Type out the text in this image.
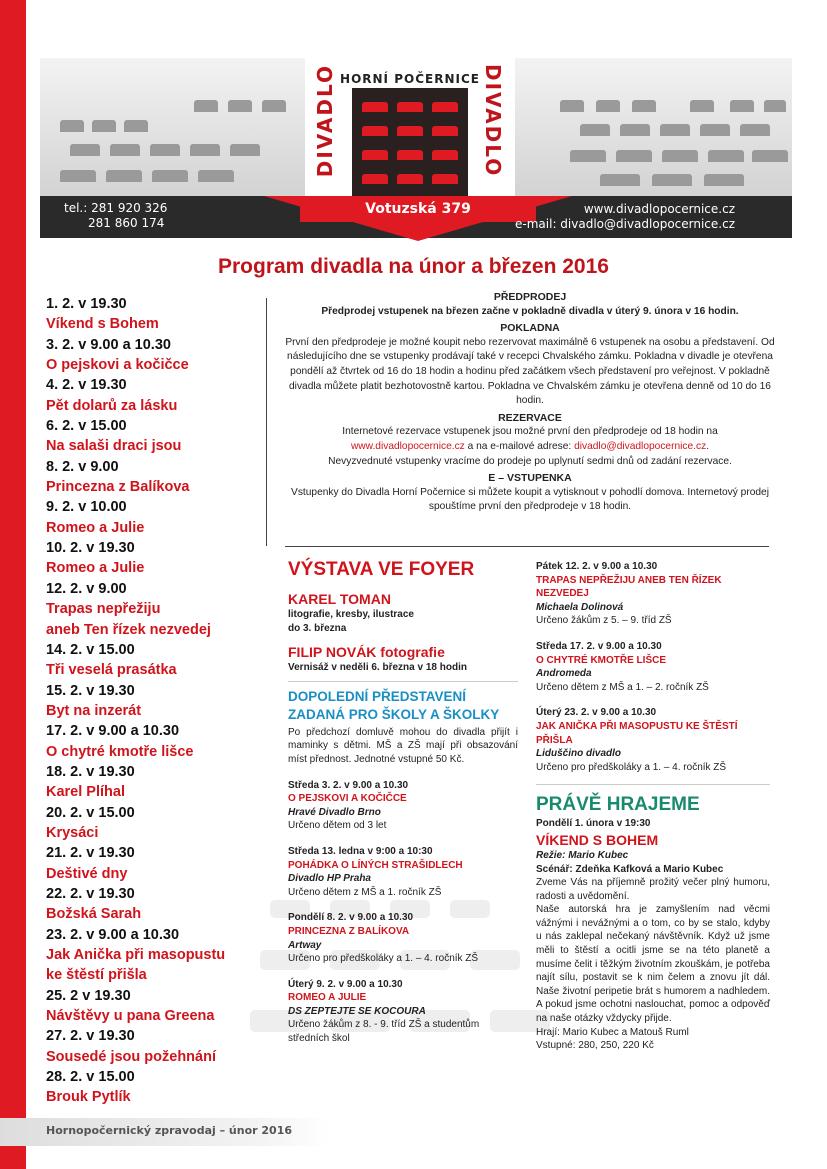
HORNÍ POČERNICE
DIVADLO	DIVADLO
Votuzská 379
tel.: 281 920 326
281 860 174
www.divadlopocernice.cz
e-mail: divadlo@divadlopocernice.cz
Program divadla na únor a březen 2016
1. 2. v 19.30
Víkend s Bohem
3. 2. v 9.00 a 10.30
O pejskovi a kočičce
4. 2. v 19.30
Pět dolarů za lásku
6. 2. v 15.00
Na salaši draci jsou
8. 2. v 9.00
Princezna z Balíkova
9. 2. v 10.00
Romeo a Julie
10. 2. v 19.30
Romeo a Julie
12. 2. v 9.00
Trapas nepřežiju
aneb Ten řízek nezvedej
14. 2. v 15.00
Tři veselá prasátka
15. 2. v 19.30
Byt na inzerát
17. 2. v 9.00 a 10.30
O chytré kmotře lišce
18. 2. v 19.30
Karel Plíhal
20. 2. v 15.00
Krysáci
21. 2. v 19.30
Deštivé dny
22. 2. v 19.30
Božská Sarah
23. 2. v 9.00 a 10.30
Jak Anička při masopustu
ke štěstí přišla
25. 2 v 19.30
Návštěvy u pana Greena
27. 2. v 19.30
Sousedé jsou požehnání
28. 2. v 15.00
Brouk Pytlík
PŘEDPRODEJ

Předprodej vstupenek na březen začne v pokladně divadla v úterý 9. února v 16 hodin.

POKLADNA

První den předprodeje je možné koupit nebo rezervovat maximálně 6 vstupenek na osobu a představení. Od následujícího dne se vstupenky prodávají také v recepci Chvalského zámku. Pokladna v divadle je otevřena pondělí až čtvrtek od 16 do 18 hodin a hodinu před začátkem všech představení pro veřejnost. V pokladně divadla můžete platit bezhotovostně kartou. Pokladna ve Chvalském zámku je otevřena denně od 10 do 16 hodin.

REZERVACE

Internetové rezervace vstupenek jsou možné první den předprodeje od 18 hodin na
www.divadlopocernice.cz a na e-mailové adrese: divadlo@divadlopocernice.cz.
Nevyzvednuté vstupenky vracíme do prodeje po uplynutí sedmi dnů od zadání rezervace.

E – VSTUPENKA

Vstupenky do Divadla Horní Počernice si můžete koupit a vytisknout v pohodlí domova. Internetový prodej spouštíme první den předprodeje v 18 hodin.

VÝSTAVA VE FOYER
KAREL TOMAN
litografie, kresby, ilustrace
do 3. března
FILIP NOVÁK fotografie
Vernisáž v neděli 6. března v 18 hodin
DOPOLEDNÍ PŘEDSTAVENÍ
ZADANÁ PRO ŠKOLY A ŠKOLKY
Po předchozí domluvě mohou do divadla přijít i maminky s dětmi. MŠ a ZŠ mají při obsazování míst přednost. Jednotné vstupné 50 Kč.
Středa 3. 2. v 9.00 a 10.30
O PEJSKOVI A KOČIČCE
Hravé Divadlo Brno
Určeno dětem od 3 let
Středa 13. ledna v 9:00 a 10:30
POHÁDKA O LÍNÝCH STRAŠIDLECH
Divadlo HP Praha
Určeno dětem z MŠ a 1. ročník ZŠ
Pondělí 8. 2. v 9.00 a 10.30
PRINCEZNA Z BALÍKOVA
Artway
Určeno pro předškoláky a 1. – 4. ročník ZŠ
Úterý 9. 2. v 9.00 a 10.30
ROMEO A JULIE
DS ZEPTEJTE SE KOCOURA
Určeno žákům z 8. - 9. tříd ZŠ a studentům středních škol
Pátek 12. 2. v 9.00 a 10.30
TRAPAS NEPŘEŽIJU ANEB TEN ŘÍZEK NEZVEDEJ
Michaela Dolinová
Určeno žákům z 5. – 9. tříd ZŠ
Středa 17. 2. v 9.00 a 10.30
O CHYTRÉ KMOTŘE LIŠCE
Andromeda
Určeno dětem z MŠ a 1. – 2. ročník ZŠ
Úterý 23. 2. v 9.00 a 10.30
JAK ANIČKA PŘI MASOPUSTU KE ŠTĚSTÍ PŘIŠLA
Liduščino divadlo
Určeno pro předškoláky a 1. – 4. ročník ZŠ
PRÁVĚ HRAJEME
Pondělí 1. února v 19:30
VÍKEND S BOHEM
Režie: Mario Kubec
Scénář: Zdeňka Kafková a Mario Kubec
Zveme Vás na příjemně prožitý večer plný humoru, radosti a uvědomění.
Naše autorská hra je zamyšlením nad věcmi vážnými i nevážnými a o tom, co by se stalo, kdyby u nás zaklepal nečekaný návštěvník. Když už jsme měli to štěstí a ocitli jsme se na této planetě a musíme čelit i těžkým životním zkouškám, je potřeba najít sílu, postavit se k nim čelem a znovu jít dál. Naše životní peripetie brát s humorem a nadhledem. A pokud jsme ochotni naslouchat, pomoc a odpověď na naše otázky vždycky přijde.
Hrají: Mario Kubec a Matouš Ruml
Vstupné: 280, 250, 220 Kč
Hornopočernický zpravodaj – únor 2016
